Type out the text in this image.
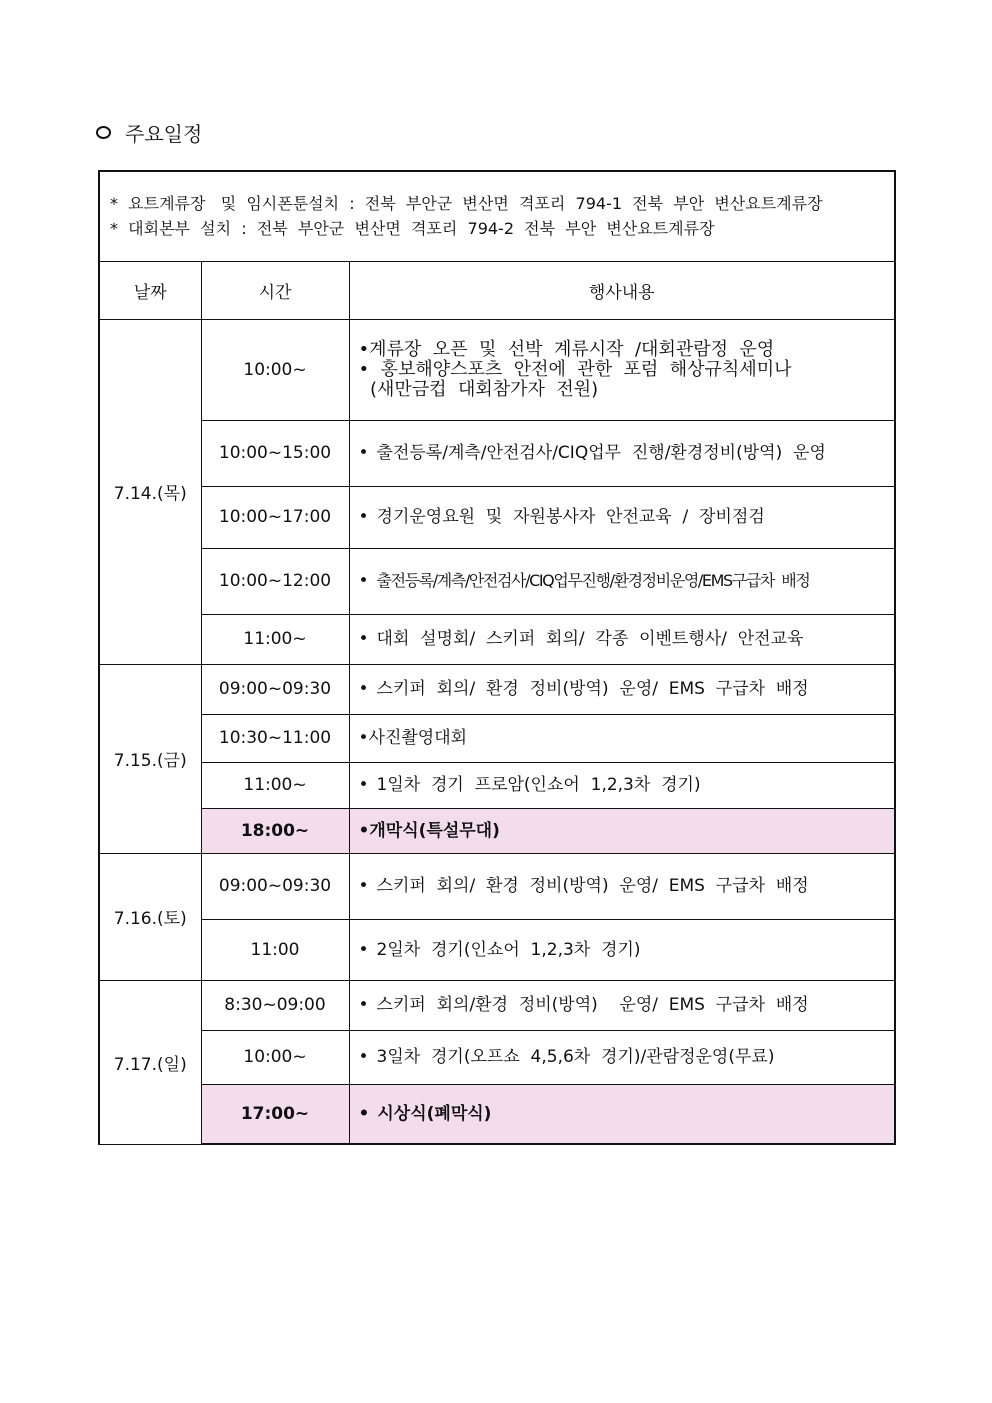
주요일정
*  요트계류장   및  임시폰툰설치  :  전북  부안군  변산면  격포리  794-1  전북  부안  변산요트계류장
*  대회본부  설치  :  전북  부안군  변산면  격포리  794-2  전북  부안  변산요트계류장		

날짜	시간	행사내용
7.14.(목)	10:00~	•계류장  오픈  및  선박  계류시작  /대회관람정  운영
•  홍보해양스포츠  안전에  관한  포럼  해상규칙세미나
(새만금컵  대회참가자  전원)

	10:00~15:00	• 출전등록/계측/안전검사/CIQ업무  진행/환경정비(방역)  운영
	10:00~17:00	• 경기운영요원  및  자원봉사자  안전교육  /  장비점검
	10:00~12:00	• 출전등록/계측/안전검사/CIQ업무진행/환경정비운영/EMS구급차  배정
	11:00~	• 대회  설명회/  스키퍼  회의/  각종  이벤트행사/  안전교육
7.15.(금)	09:00~09:30	• 스키퍼  회의/  환경  정비(방역)  운영/  EMS  구급차  배정
	10:30~11:00	•사진촬영대회
	11:00~	• 1일차  경기  프로암(인쇼어  1,2,3차  경기)
	18:00~	•개막식(특설무대)
7.16.(토)	09:00~09:30	• 스키퍼  회의/  환경  정비(방역)  운영/  EMS  구급차  배정
	11:00	• 2일차  경기(인쇼어  1,2,3차  경기)
7.17.(일)	8:30~09:00	• 스키퍼  회의/환경  정비(방역)    운영/  EMS  구급차  배정
	10:00~	• 3일차  경기(오프쇼  4,5,6차  경기)/관람정운영(무료)
	17:00~	• 시상식(폐막식)
